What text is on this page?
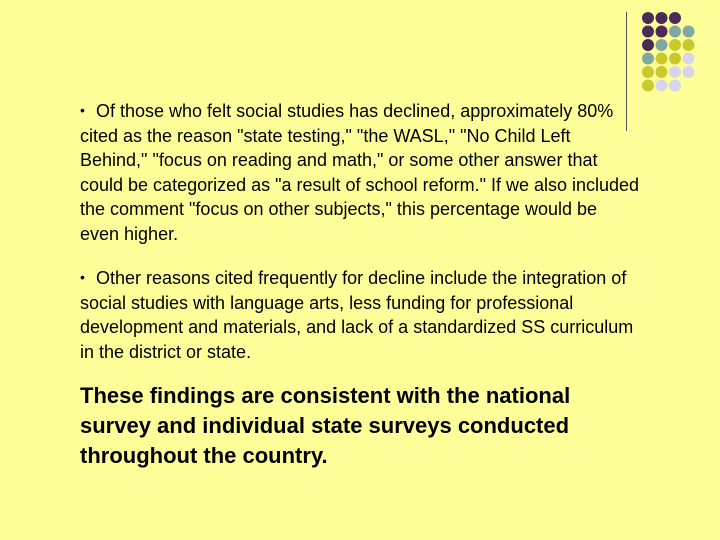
• Of those who felt social studies has declined, approximately 80% cited as the reason "state testing," "the WASL," "No Child Left Behind," "focus on reading and math," or some other answer that could be categorized as "a result of school reform." If we also included the comment "focus on other subjects," this percentage would be even higher.

• Other reasons cited frequently for decline include the integration of social studies with language arts, less funding for professional development and materials, and lack of a standardized SS curriculum in the district or state.

These findings are consistent with the national survey and individual state surveys conducted throughout the country.
